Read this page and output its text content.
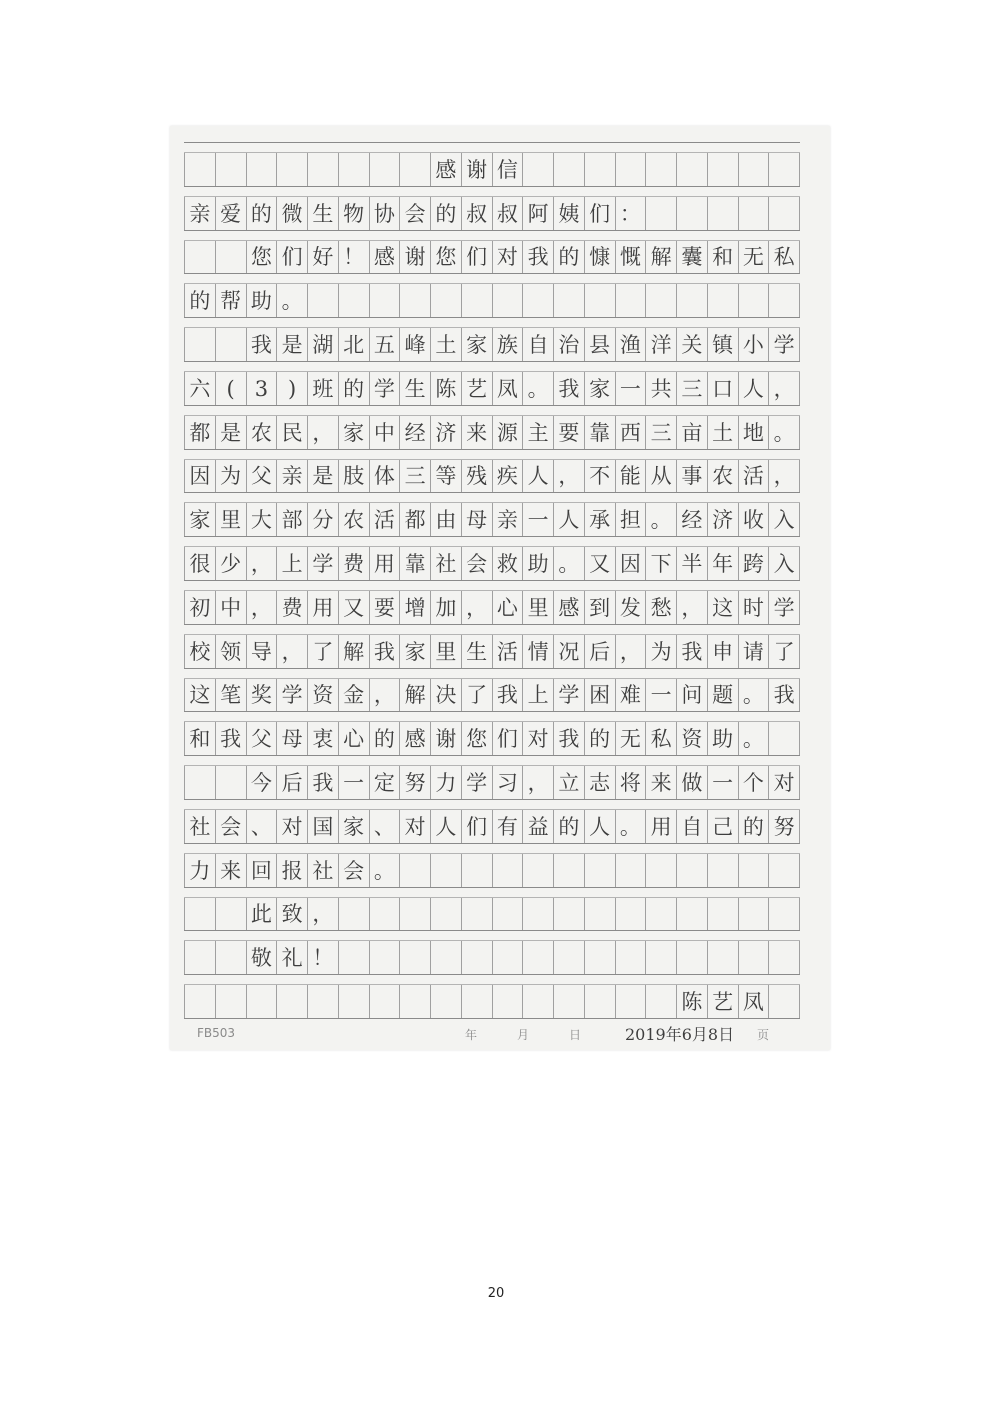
感 谢 信
亲 爱 的 微 生 物 协 会 的 叔 叔 阿 姨 们 ：
您 们 好 ！ 感 谢 您 们 对 我 的 慷 慨 解 囊 和 无 私
的 帮 助 。
我 是 湖 北 五 峰 土 家 族 自 治 县 渔 洋 关 镇 小 学
六 ( 3 ) 班 的 学 生 陈 艺 凤 。 我 家 一 共 三 口 人 ，
都 是 农 民 ， 家 中 经 济 来 源 主 要 靠 西 三 亩 土 地 。
因 为 父 亲 是 肢 体 三 等 残 疾 人 ， 不 能 从 事 农 活 ，
家 里 大 部 分 农 活 都 由 母 亲 一 人 承 担 。 经 济 收 入
很 少 ， 上 学 费 用 靠 社 会 救 助 。 又 因 下 半 年 跨 入
初 中 ， 费 用 又 要 增 加 ， 心 里 感 到 发 愁 ， 这 时 学
校 领 导 ， 了 解 我 家 里 生 活 情 况 后 ， 为 我 申 请 了
这 笔 奖 学 资 金 ， 解 决 了 我 上 学 困 难 一 问 题 。 我
和 我 父 母 衷 心 的 感 谢 您 们 对 我 的 无 私 资 助 。
今 后 我 一 定 努 力 学 习 ， 立 志 将 来 做 一 个 对
社 会 、 对 国 家 、 对 人 们 有 益 的 人 。 用 自 己 的 努
力 来 回 报 社 会 。
此 致 ，
敬 礼 ！
陈 艺 凤
FB503	年	月	日	2019年6月8日 页
20
